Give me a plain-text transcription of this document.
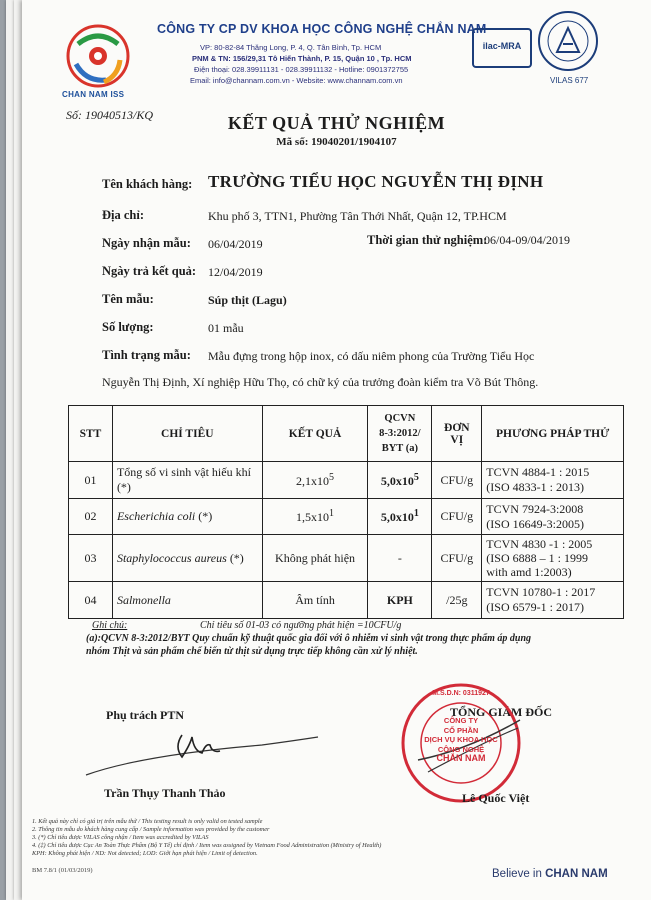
CHAN NAM ISS
CÔNG TY CP DV KHOA HỌC CÔNG NGHỆ CHẮN NAM
VP: 80-82-84 Thăng Long, P. 4, Q. Tân Bình, Tp. HCM
PNM & TN: 156/29,31 Tô Hiến Thành, P. 15, Quận 10 , Tp. HCM
Điện thoại: 028.39911131 - 028.39911132 - Hotline: 0901372755
Email: info@channam.com.vn - Website: www.channam.com.vn
ilac-MRA
VILAS 677
Số: 19040513/KQ	KẾT QUẢ THỬ NGHIỆM
Mã số: 19040201/1904107
Tên khách hàng: TRƯỜNG TIỂU HỌC NGUYỄN THỊ ĐỊNH
Địa chỉ:	Khu phố 3, TTN1, Phường Tân Thới Nhất, Quận 12, TP.HCM
Ngày nhận mẫu: 06/04/2019	Thời gian thử nghiệm:
06/04-09/04/2019
Ngày trả kết quả: 12/04/2019
Tên mẫu:	Súp thịt (Lagu)
Số lượng:	01 mẫu
Tình trạng mẫu: Mẫu đựng trong hộp inox, có dấu niêm phong của Trường Tiểu Học
Nguyễn Thị Định, Xí nghiệp Hữu Thọ, có chữ ký của trưởng đoàn kiểm tra Võ Bút Thông.
STT	CHỈ TIÊU	KẾT QUẢ	QCVN
8-3:2012/
BYT (a)	ĐƠN
VỊ	PHƯƠNG PHÁP THỬ
01	Tổng số vi sinh vật hiếu khí (*)	$2,1x10^5$	$5,0x10^5$	CFU/g	TCVN 4884-1 : 2015
(ISO 4833-1 : 2013)
02	Escherichia coli (*)	$1,5x10^1$	$5,0x10^1$	CFU/g	TCVN 7924-3:2008
(ISO 16649-3:2005)
03	Staphylococcus aureus (*)	Không phát hiện	-	CFU/g	TCVN 4830 -1 : 2005
(ISO 6888 – 1 : 1999
with amd 1:2003)
04	Salmonella	Âm tính	KPH	/25g	TCVN 10780-1 : 2017
(ISO 6579-1 : 2017)
Ghi chú:	Chỉ tiêu số 01-03 có ngưỡng phát hiện =10CFU/g
(a):QCVN 8-3:2012/BYT Quy chuẩn kỹ thuật quốc gia đối với ô nhiễm vi sinh vật trong thực phẩm áp dụng
nhóm Thịt và sản phẩm chế biến từ thịt sử dụng trực tiếp không cần xử lý nhiệt.
Phụ trách PTN
Trần Thụy Thanh Thảo
TỔNG GIÁM ĐỐC
M.S.D.N: 0311927
CÔNG TY
CỔ PHẦN
DỊCH VỤ KHOA HỌC
CÔNG NGHỆ
CHẮN NAM
Lê Quốc Việt
1. Kết quả này chỉ có giá trị trên mẫu thử / This testing result is only valid on tested sample
2. Thông tin mẫu do khách hàng cung cấp / Sample information was provided by the customer
3. (*) Chỉ tiêu được VILAS công nhận / Item was accredited by VILAS
4. (‡) Chỉ tiêu được Cục An Toàn Thực Phẩm (Bộ Y Tế) chỉ định / Item was assigned by Vietnam Food Administration (Ministry of Health)
KPH: Không phát hiện / ND: Not detected; LOD: Giới hạn phát hiện / Limit of detection.
BM 7.8/1 (01/03/2019)	Believe in CHAN NAM
